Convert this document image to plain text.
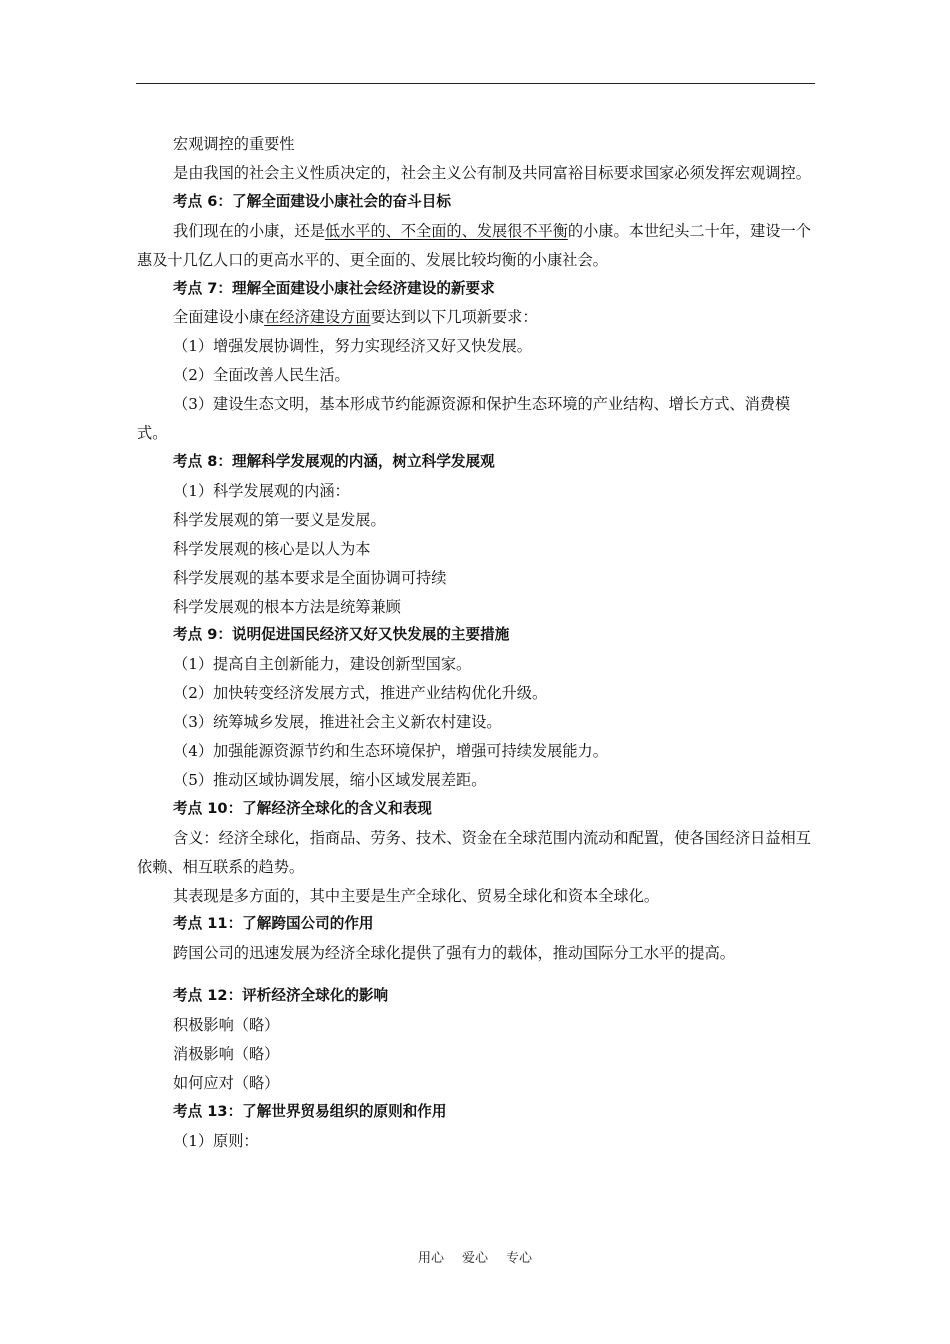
宏观调控的重要性

是由我国的社会主义性质决定的，社会主义公有制及共同富裕目标要求国家必须发挥宏观调控。

考点 6：了解全面建设小康社会的奋斗目标

我们现在的小康，还是低水平的、不全面的、发展很不平衡的小康。本世纪头二十年，建设一个惠及十几亿人口的更高水平的、更全面的、发展比较均衡的小康社会。

考点 7：理解全面建设小康社会经济建设的新要求

全面建设小康在经济建设方面要达到以下几项新要求：

（1）增强发展协调性，努力实现经济又好又快发展。

（2）全面改善人民生活。

（3）建设生态文明，基本形成节约能源资源和保护生态环境的产业结构、增长方式、消费模式。

考点 8：理解科学发展观的内涵，树立科学发展观

（1）科学发展观的内涵：

科学发展观的第一要义是发展。

科学发展观的核心是以人为本

科学发展观的基本要求是全面协调可持续

科学发展观的根本方法是统筹兼顾

考点 9：说明促进国民经济又好又快发展的主要措施

（1）提高自主创新能力，建设创新型国家。

（2）加快转变经济发展方式，推进产业结构优化升级。

（3）统筹城乡发展，推进社会主义新农村建设。

（4）加强能源资源节约和生态环境保护，增强可持续发展能力。

（5）推动区域协调发展，缩小区域发展差距。

考点 10：了解经济全球化的含义和表现

含义：经济全球化，指商品、劳务、技术、资金在全球范围内流动和配置，使各国经济日益相互依赖、相互联系的趋势。

其表现是多方面的，其中主要是生产全球化、贸易全球化和资本全球化。

考点 11：了解跨国公司的作用

跨国公司的迅速发展为经济全球化提供了强有力的载体，推动国际分工水平的提高。

考点 12：评析经济全球化的影响

积极影响（略）

消极影响（略）

如何应对（略）

考点 13：了解世界贸易组织的原则和作用

（1）原则：

用心 爱心 专心
